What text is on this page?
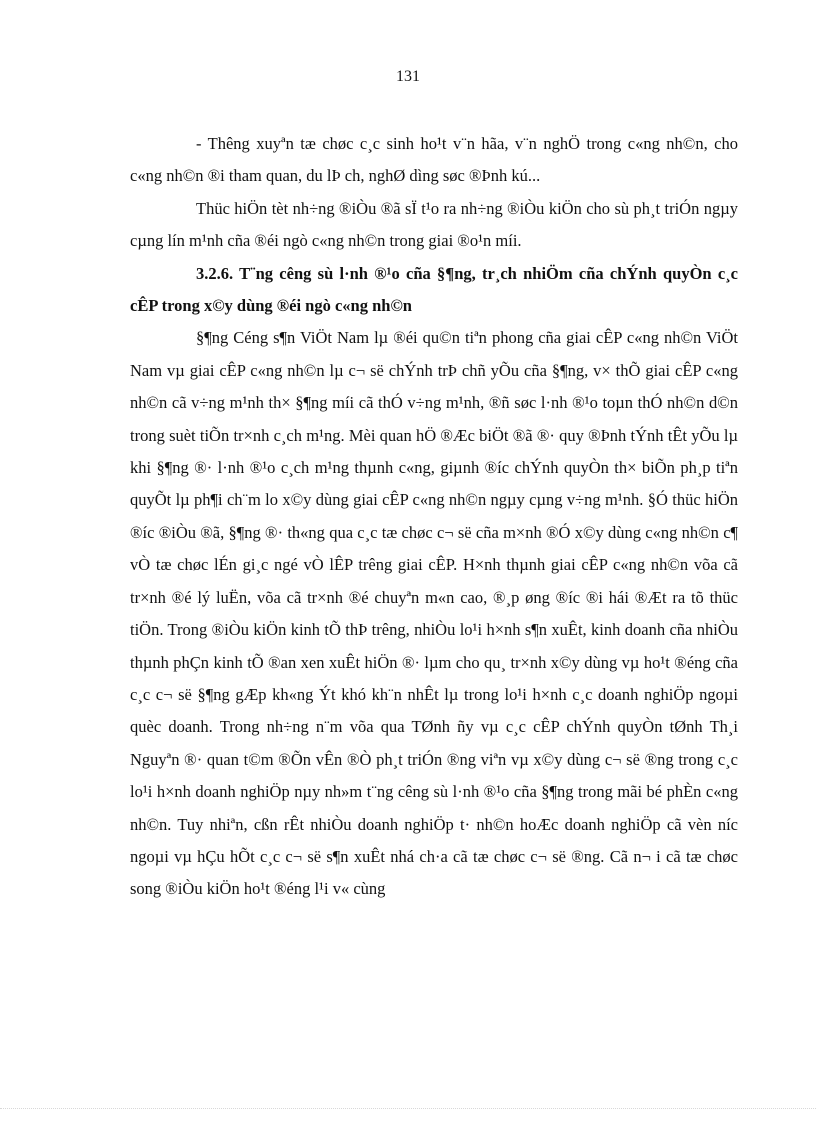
131

- Thêng xuyªn tæ chøc c¸c sinh ho¹t v¨n hãa, v¨n nghÖ trong c«ng nh©n, cho c«ng nh©n ®i tham quan, du lÞ ch, nghØ dìng søc ®Þnh kú...

Thüc hiÖn tèt nh÷ng ®iÒu ®ã sÏ t¹o ra nh÷ng ®iÒu kiÖn cho sù ph¸t triÓn ngµy cµng lín m¹nh cña ®éi ngò c«ng nh©n trong giai ®o¹n míi.

3.2.6. T¨ng cêng sù l·nh ®¹o cña §¶ng, tr¸ch nhiÖm cña chÝnh quyÒn c¸c cÊP trong x©y dùng ®éi ngò c«ng nh©n

§¶ng Céng s¶n ViÖt Nam lµ ®éi qu©n tiªn phong cña giai cÊP c«ng nh©n ViÖt Nam vµ giai cÊP c«ng nh©n lµ c¬ së chÝnh trÞ chñ yÕu cña §¶ng, v× thÕ giai cÊP c«ng nh©n cã v÷ng m¹nh th× §¶ng míi cã thÓ v÷ng m¹nh, ®ñ søc l·nh ®¹o toµn thÓ nh©n d©n trong suèt tiÕn tr×nh c¸ch m¹ng. Mèi quan hÖ ®Æc biÖt ®ã ®· quy ®Þnh tÝnh tÊt yÕu lµ khi §¶ng ®· l·nh ®¹o c¸ch m¹ng thµnh c«ng, giµnh ®íc chÝnh quyÒn th× biÕn ph¸p tiªn quyÕt lµ ph¶i ch¨m lo x©y dùng giai cÊP c«ng nh©n ngµy cµng v÷ng m¹nh. §Ó thüc hiÖn ®íc ®iÒu ®ã, §¶ng ®· th«ng qua c¸c tæ chøc c¬ së cña m×nh ®Ó x©y dùng c«ng nh©n c¶ vÒ tæ chøc lÉn gi¸c ngé vÒ lÊP trêng giai cÊP. H×nh thµnh giai cÊP c«ng nh©n võa cã tr×nh ®é lý luËn, võa cã tr×nh ®é chuyªn m«n cao, ®¸p øng ®íc ®i hái ®Æt ra tõ thüc tiÖn. Trong ®iÒu kiÖn kinh tÕ thÞ trêng, nhiÒu lo¹i h×nh s¶n xuÊt, kinh doanh cña nhiÒu thµnh phÇn kinh tÕ ®an xen xuÊt hiÖn ®· lµm cho qu¸ tr×nh x©y dùng vµ ho¹t ®éng cña c¸c c¬ së §¶ng gÆp kh«ng Ýt khó kh¨n nhÊt lµ trong lo¹i h×nh c¸c doanh nghiÖp ngoµi quèc doanh. Trong nh÷ng n¨m võa qua TØnh ñy vµ c¸c cÊP chÝnh quyÒn tØnh Th¸i Nguyªn ®· quan t©m ®Õn vÊn ®Ò ph¸t triÓn ®ng viªn vµ x©y dùng c¬ së ®ng trong c¸c lo¹i h×nh doanh nghiÖp nµy nh»m t¨ng cêng sù l·nh ®¹o cña §¶ng trong mãi bé phÈn c«ng nh©n. Tuy nhiªn, cßn rÊt nhiÒu doanh nghiÖp t· nh©n hoÆc doanh nghiÖp cã vèn níc ngoµi vµ hÇu hÕt c¸c c¬ së s¶n xuÊt nhá ch·a cã tæ chøc c¬ së ®ng. Cã n¬ i cã tæ chøc song ®iÒu kiÖn ho¹t ®éng l¹i v« cùng
